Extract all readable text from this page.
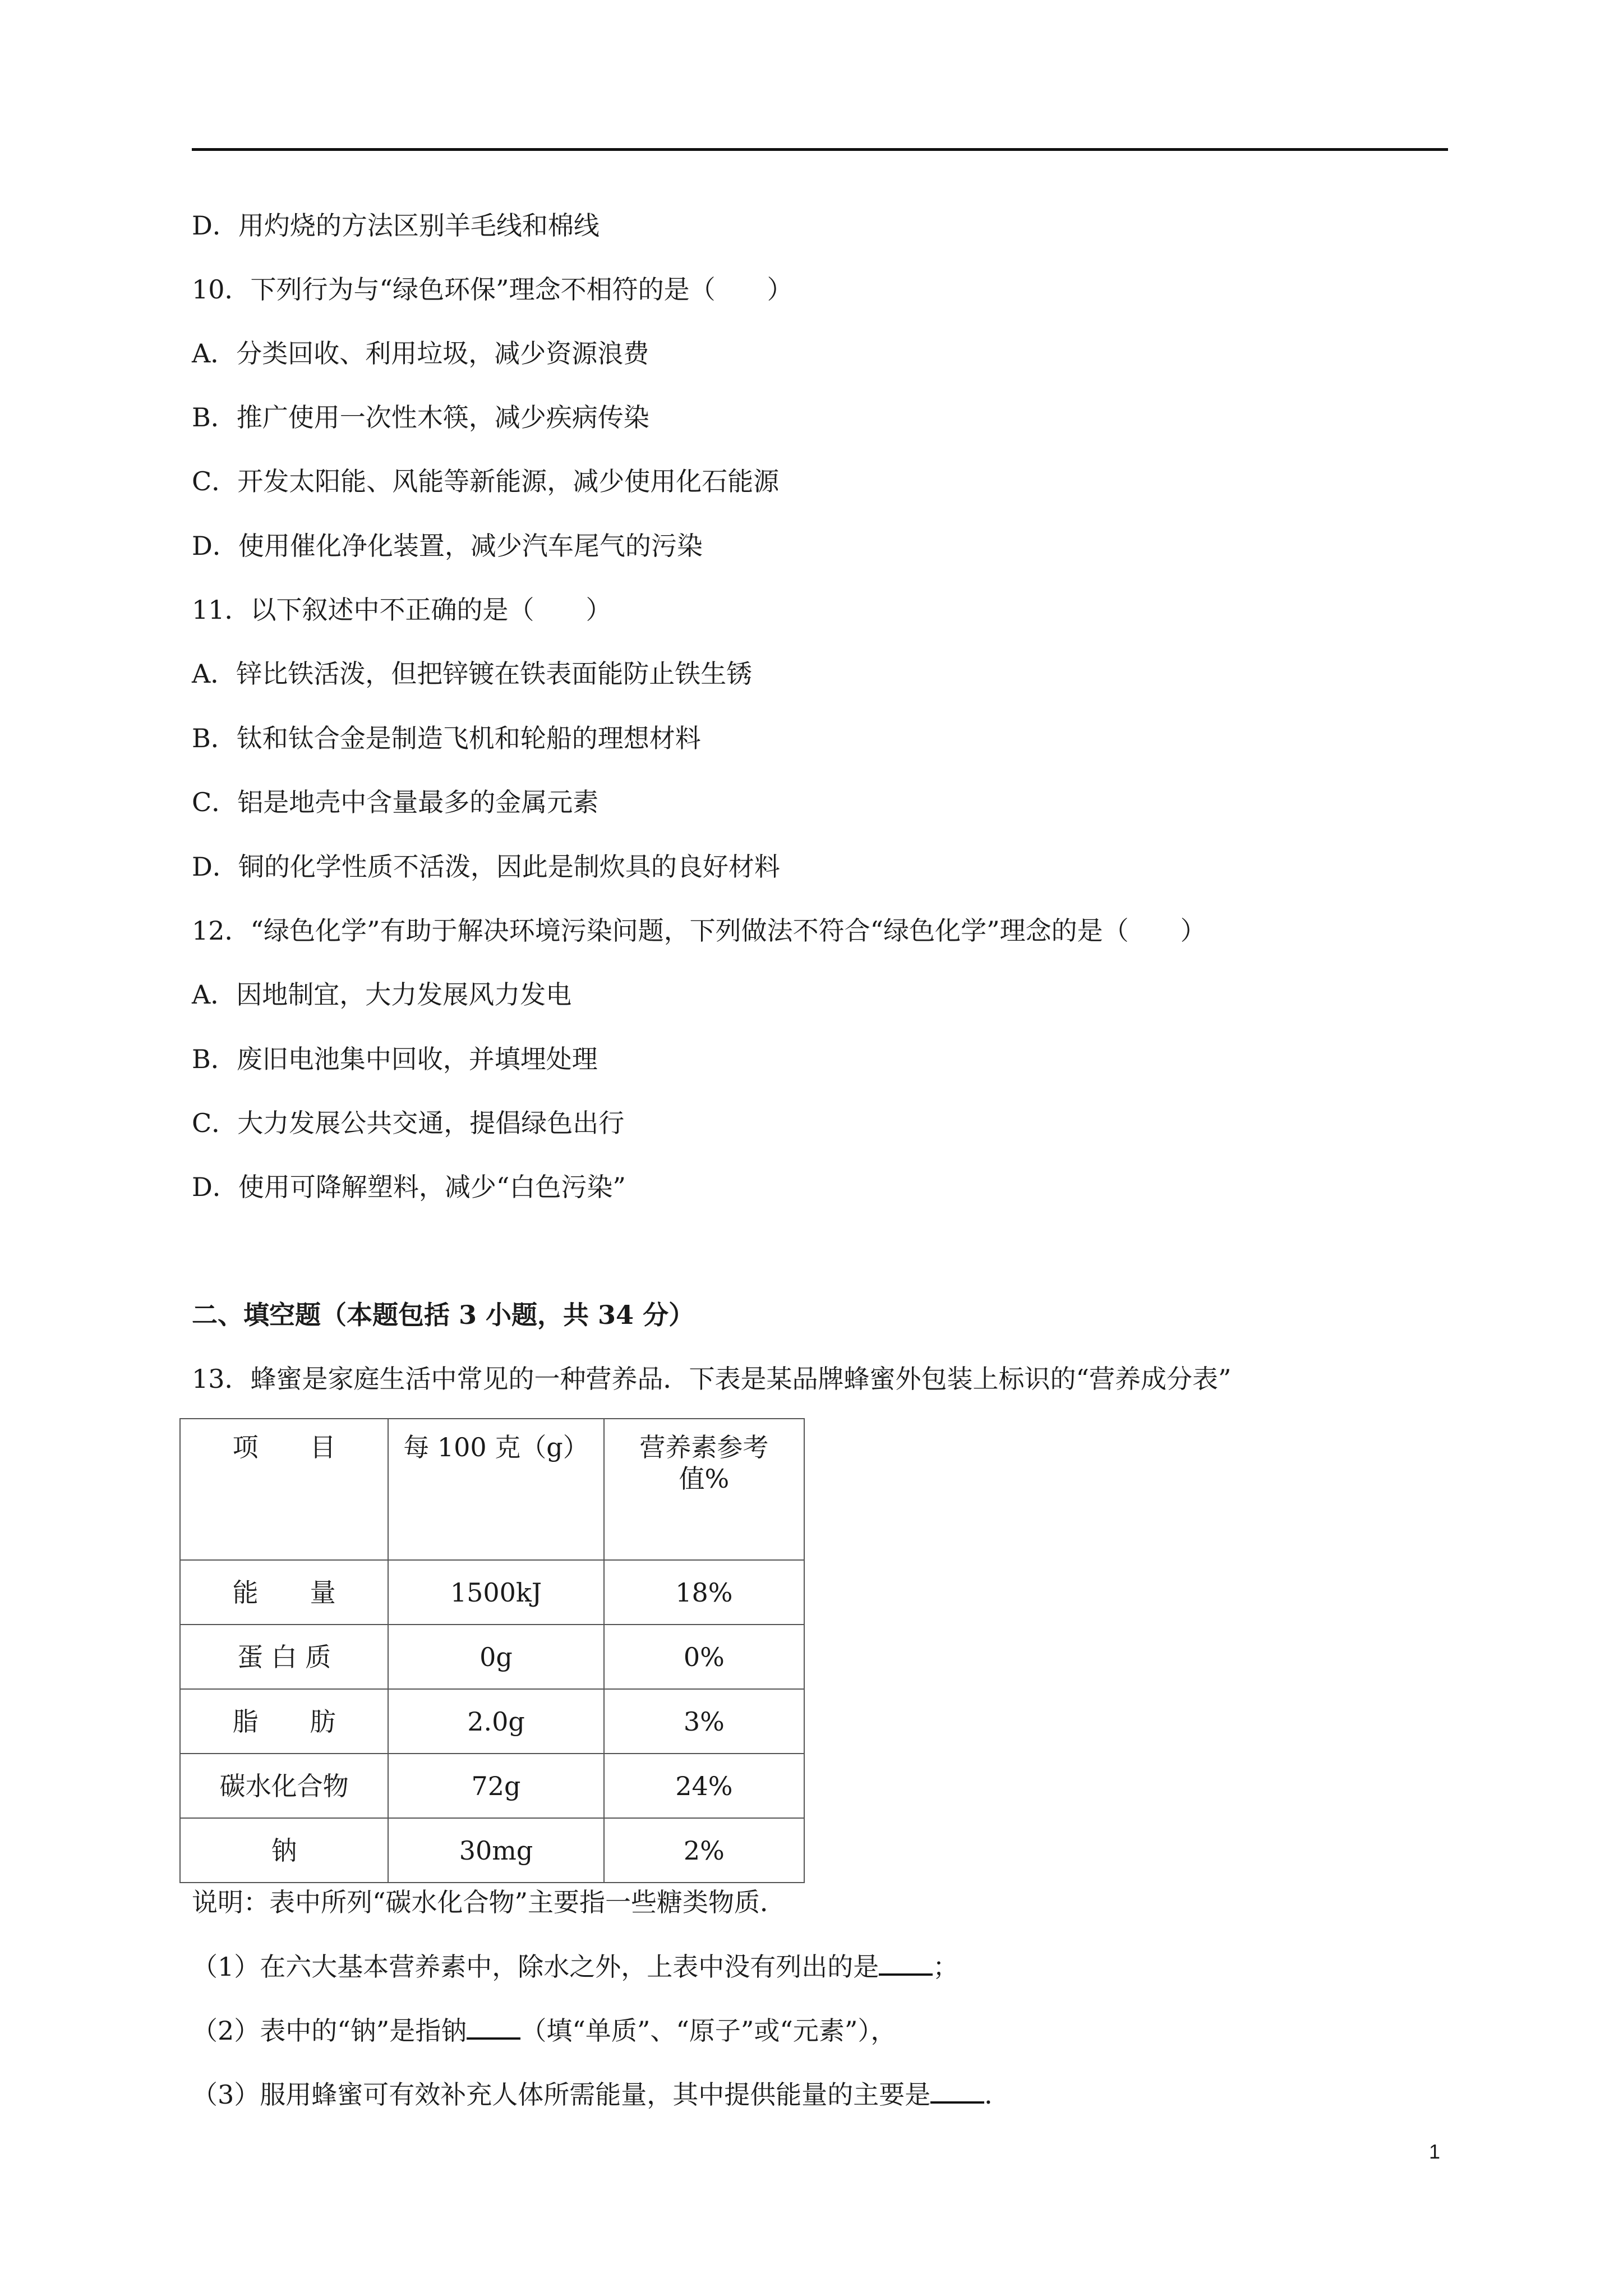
D．用灼烧的方法区别羊毛线和棉线
10．下列行为与“绿色环保”理念不相符的是（　　）
A．分类回收、利用垃圾，减少资源浪费
B．推广使用一次性木筷，减少疾病传染
C．开发太阳能、风能等新能源，减少使用化石能源
D．使用催化净化装置，减少汽车尾气的污染
11．以下叙述中不正确的是（　　）
A．锌比铁活泼，但把锌镀在铁表面能防止铁生锈
B．钛和钛合金是制造飞机和轮船的理想材料
C．铝是地壳中含量最多的金属元素
D．铜的化学性质不活泼，因此是制炊具的良好材料
12．“绿色化学”有助于解决环境污染问题，下列做法不符合“绿色化学”理念的是（　　）
A．因地制宜，大力发展风力发电
B．废旧电池集中回收，并填埋处理
C．大力发展公共交通，提倡绿色出行
D．使用可降解塑料，减少“白色污染”
二、填空题（本题包括 3 小题，共 34 分）
13．蜂蜜是家庭生活中常见的一种营养品．下表是某品牌蜂蜜外包装上标识的“营养成分表”
项　　目	每 100 克（g）	营养素参考
值%
能　　量	1500kJ	18%
蛋 白 质	0g	0%
脂　　肪	2.0g	3%
碳水化合物	72g	24%
钠	30mg	2%
说明：表中所列“碳水化合物”主要指一些糖类物质．
（1）在六大基本营养素中，除水之外，上表中没有列出的是 ；
（2）表中的“钠”是指钠 （填“单质”、“原子”或“元素”），
（3）服用蜂蜜可有效补充人体所需能量，其中提供能量的主要是 ．
1
